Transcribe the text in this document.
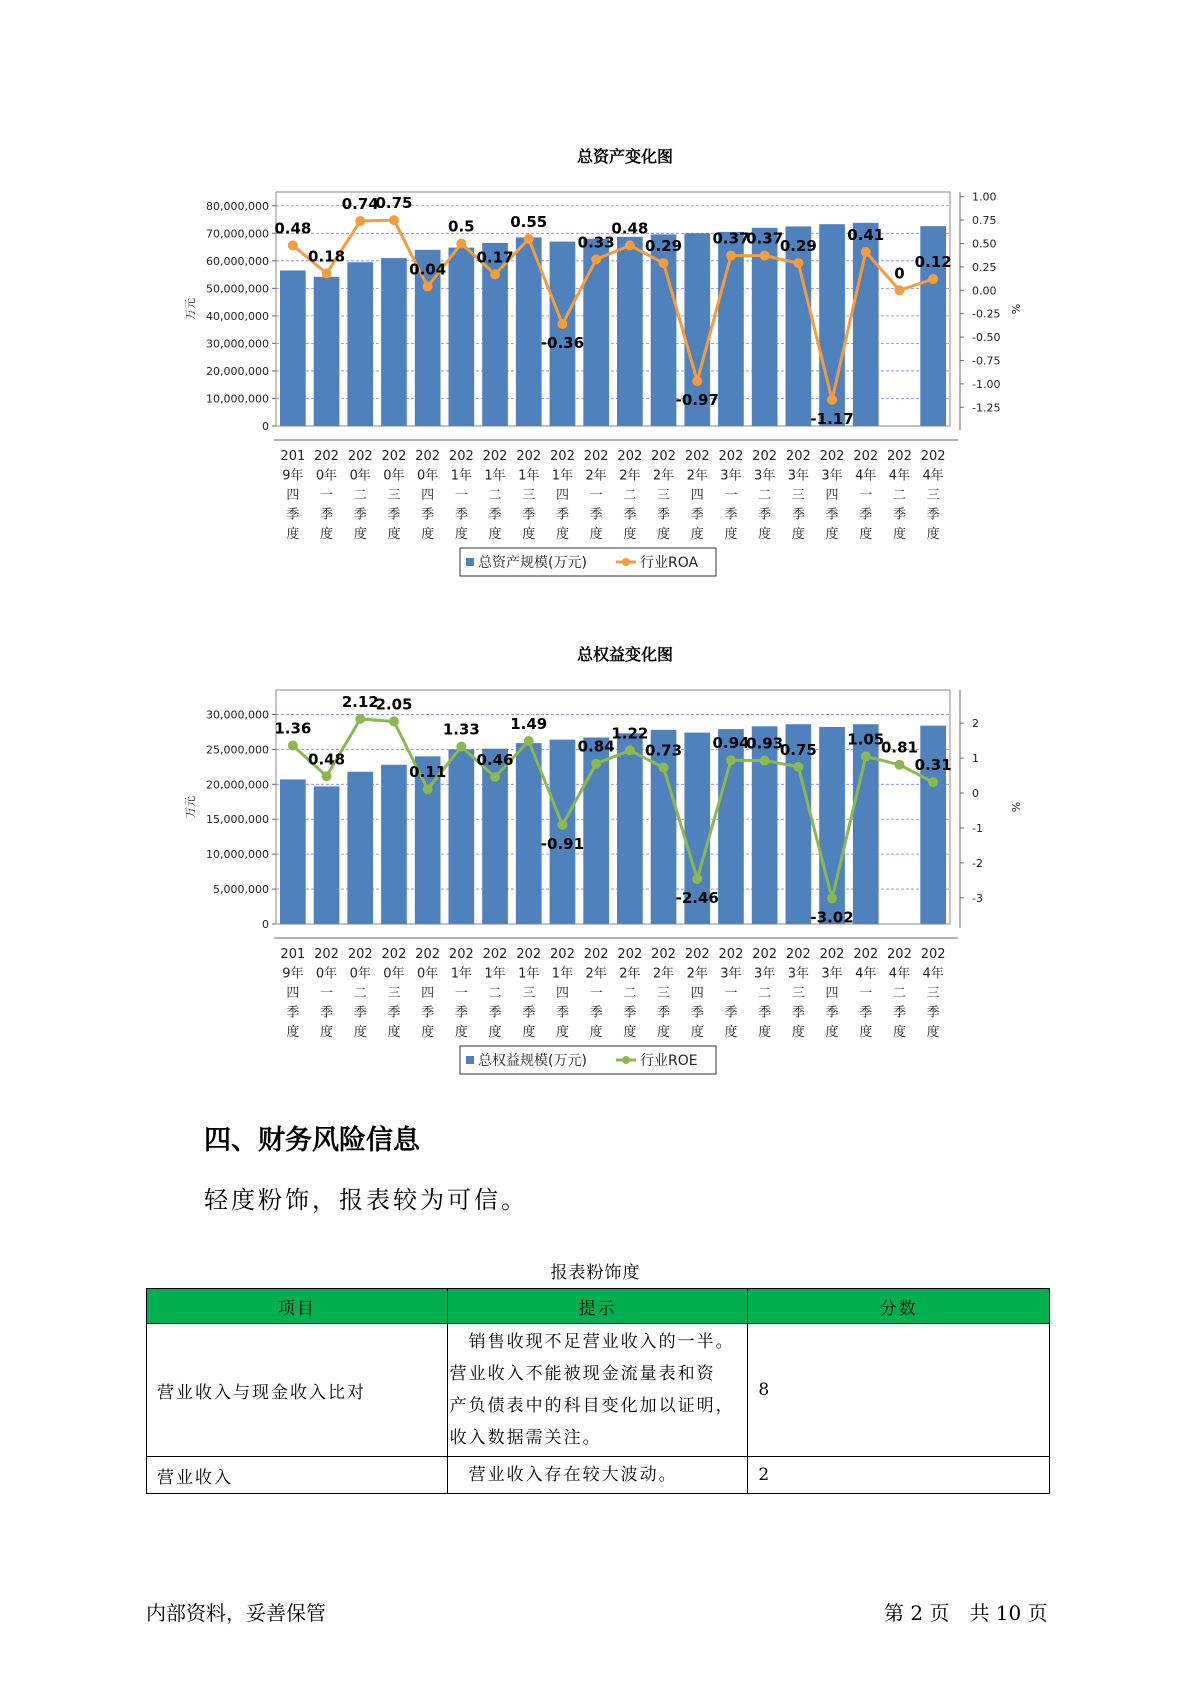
总资产变化图
0
10,000,000
20,000,000
30,000,000
40,000,000
50,000,000
60,000,000
70,000,000
80,000,000
-1.25
-1.00
-0.75
-0.50
-0.25
0.00
0.25
0.50
0.75
1.00
万元	%
201
9年
四
季
度
202
0年
一
季
度
202
0年
二
季
度
202
0年
三
季
度
202
0年
四
季
度
202
1年
一
季
度
202
1年
二
季
度
202
1年
三
季
度
202
1年
四
季
度
202
2年
一
季
度
202
2年
二
季
度
202
2年
三
季
度
202
2年
四
季
度
202
3年
一
季
度
202
3年
二
季
度
202
3年
三
季
度
202
3年
四
季
度
202
4年
一
季
度
202
4年
二
季
度
202
4年
三
季
度
0.48
0.18
0.74
0.75
0.04
0.5
0.17
0.55
-0.36
0.33
0.48
0.29
-0.97
0.37
0.37
0.29
-1.17
0.41
0
0.12
总资产规模(万元)	行业ROA
总权益变化图
0
5,000,000
10,000,000
15,000,000
20,000,000
25,000,000
30,000,000
-3
-2
-1
0
1
2
万元	%
201
9年
四
季
度
202
0年
一
季
度
202
0年
二
季
度
202
0年
三
季
度
202
0年
四
季
度
202
1年
一
季
度
202
1年
二
季
度
202
1年
三
季
度
202
1年
四
季
度
202
2年
一
季
度
202
2年
二
季
度
202
2年
三
季
度
202
2年
四
季
度
202
3年
一
季
度
202
3年
二
季
度
202
3年
三
季
度
202
3年
四
季
度
202
4年
一
季
度
202
4年
二
季
度
202
4年
三
季
度
1.36
0.48
2.12
2.05
0.11
1.33
0.46
1.49
-0.91
0.84
1.22
0.73
-2.46
0.94
0.93
0.75
-3.02
1.05
0.81
0.31
总权益规模(万元)	行业ROE
四、财务风险信息

轻度粉饰，报表较为可信。

报表粉饰度
项目	提示	分数
营业收入与现金收入比对	　销售收现不足营业收入的一半。
营业收入不能被现金流量表和资
产负债表中的科目变化加以证明，
收入数据需关注。	8
营业收入	　营业收入存在较大波动。	2
内部资料，妥善保管	第 2 页　共 10 页
